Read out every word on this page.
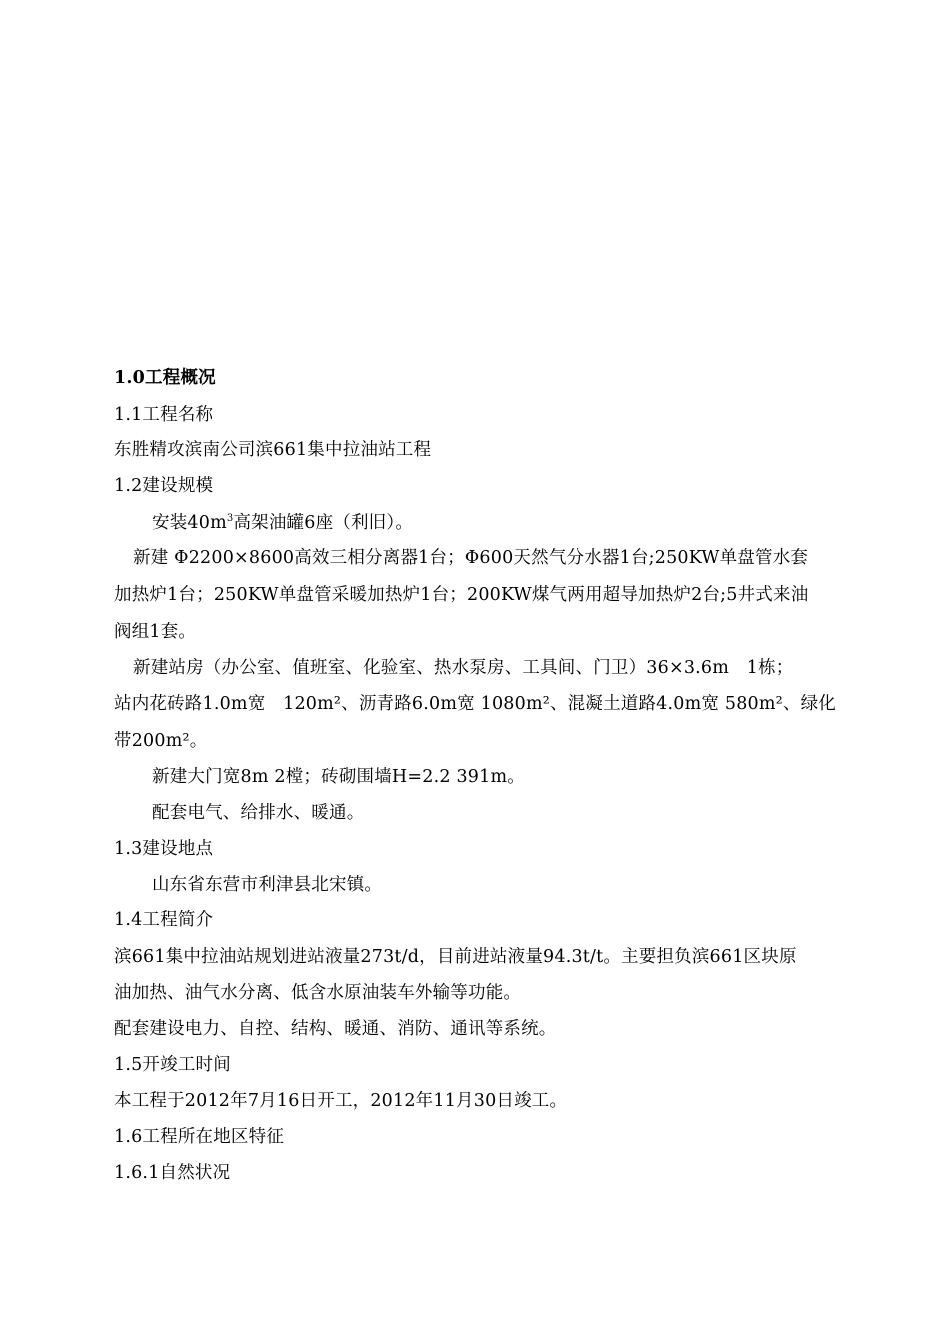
1.0工程概况
1.1工程名称
东胜精攻滨南公司滨661集中拉油站工程
1.2建设规模
安装$40m^3$高架油罐6座（利旧）。
新建 Φ2200×8600高效三相分离器1台；Φ600天然气分水器1台;250KW单盘管水套
加热炉1台；250KW单盘管采暖加热炉1台；200KW煤气两用超导加热炉2台;5井式来油
阀组1套。
新建站房（办公室、值班室、化验室、热水泵房、工具间、门卫）36×3.6m　1栋；
站内花砖路1.0m宽　120m²、沥青路6.0m宽 1080m²、混凝土道路4.0m宽 580m²、绿化
带200m²。
新建大门宽8m 2樘；砖砌围墙H=2.2 391m。
配套电气、给排水、暖通。
1.3建设地点
山东省东营市利津县北宋镇。
1.4工程简介
滨661集中拉油站规划进站液量273t/d，目前进站液量94.3t/t。主要担负滨661区块原
油加热、油气水分离、低含水原油装车外输等功能。
配套建设电力、自控、结构、暖通、消防、通讯等系统。
1.5开竣工时间
本工程于2012年7月16日开工，2012年11月30日竣工。
1.6工程所在地区特征
1.6.1自然状况
